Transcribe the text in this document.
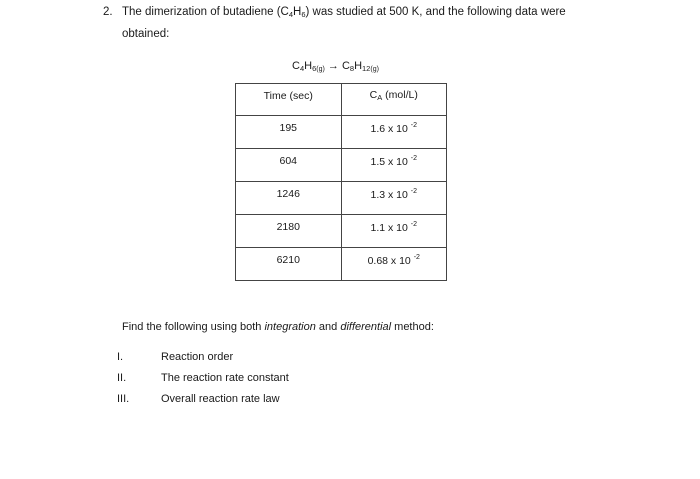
2. The dimerization of butadiene $(C_4H_6)$ was studied at 500 K, and the following data were
obtained:
$C_4H_6(g) \to C_8H_{12}(g)$
Time (sec)	$C_A$ (mol/L)
195	1.6 x 10 $^{-2}$
604	1.5 x 10 $^{-2}$
1246	1.3 x 10 $^{-2}$
2180	1.1 x 10 $^{-2}$
6210	0.68 x 10 $^{-2}$
Find the following using both integration and differential method:
I.	Reaction order
II.	The reaction rate constant
III.	Overall reaction rate law
